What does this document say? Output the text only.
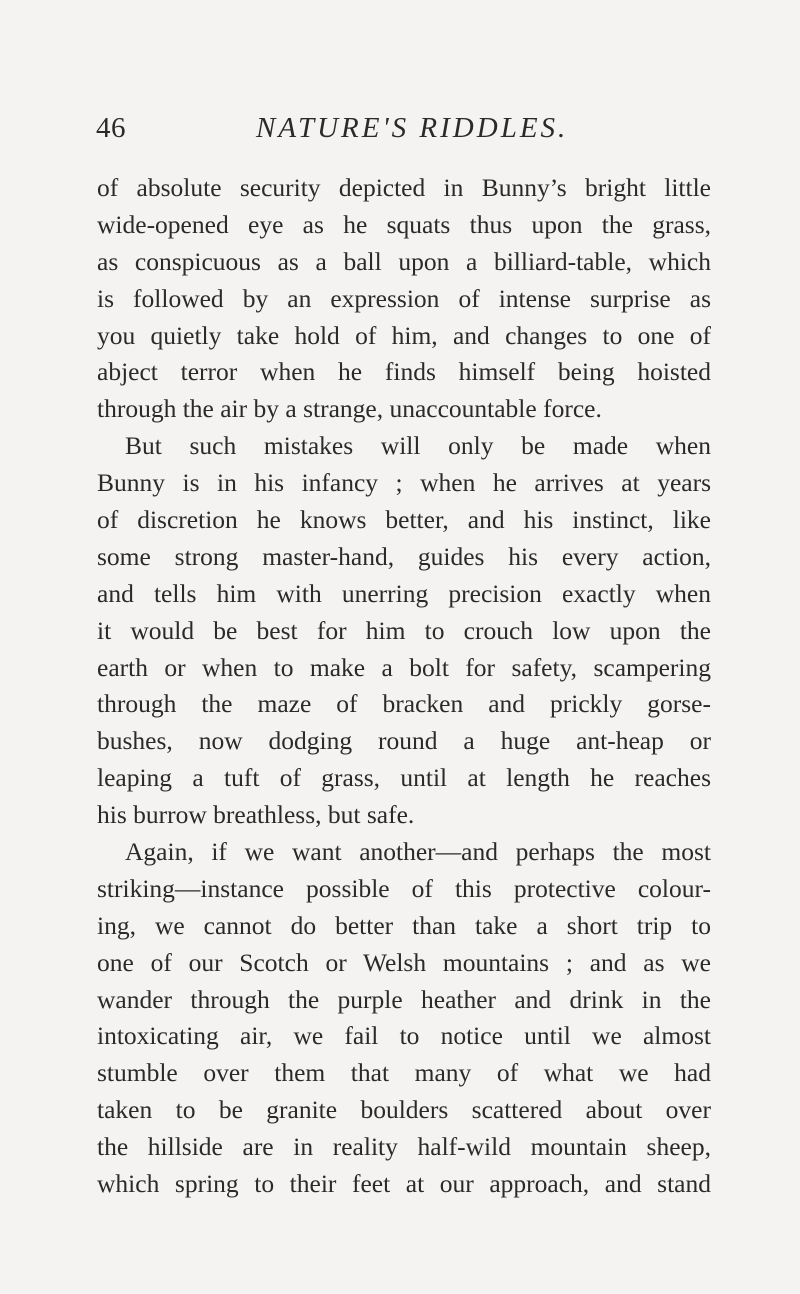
46	NATURE'S RIDDLES.
of absolute security depicted in Bunny’s bright little
wide-opened eye as he squats thus upon the grass,
as conspicuous as a ball upon a billiard-table, which
is followed by an expression of intense surprise as
you quietly take hold of him, and changes to one of
abject terror when he finds himself being hoisted
through the air by a strange, unaccountable force.
But such mistakes will only be made when
Bunny is in his infancy ; when he arrives at years
of discretion he knows better, and his instinct, like
some strong master-hand, guides his every action,
and tells him with unerring precision exactly when
it would be best for him to crouch low upon the
earth or when to make a bolt for safety, scampering
through the maze of bracken and prickly gorse-
bushes, now dodging round a huge ant-heap or
leaping a tuft of grass, until at length he reaches
his burrow breathless, but safe.
Again, if we want another—and perhaps the most
striking—instance possible of this protective colour-
ing, we cannot do better than take a short trip to
one of our Scotch or Welsh mountains ; and as we
wander through the purple heather and drink in the
intoxicating air, we fail to notice until we almost
stumble over them that many of what we had
taken to be granite boulders scattered about over
the hillside are in reality half-wild mountain sheep,
which spring to their feet at our approach, and stand
